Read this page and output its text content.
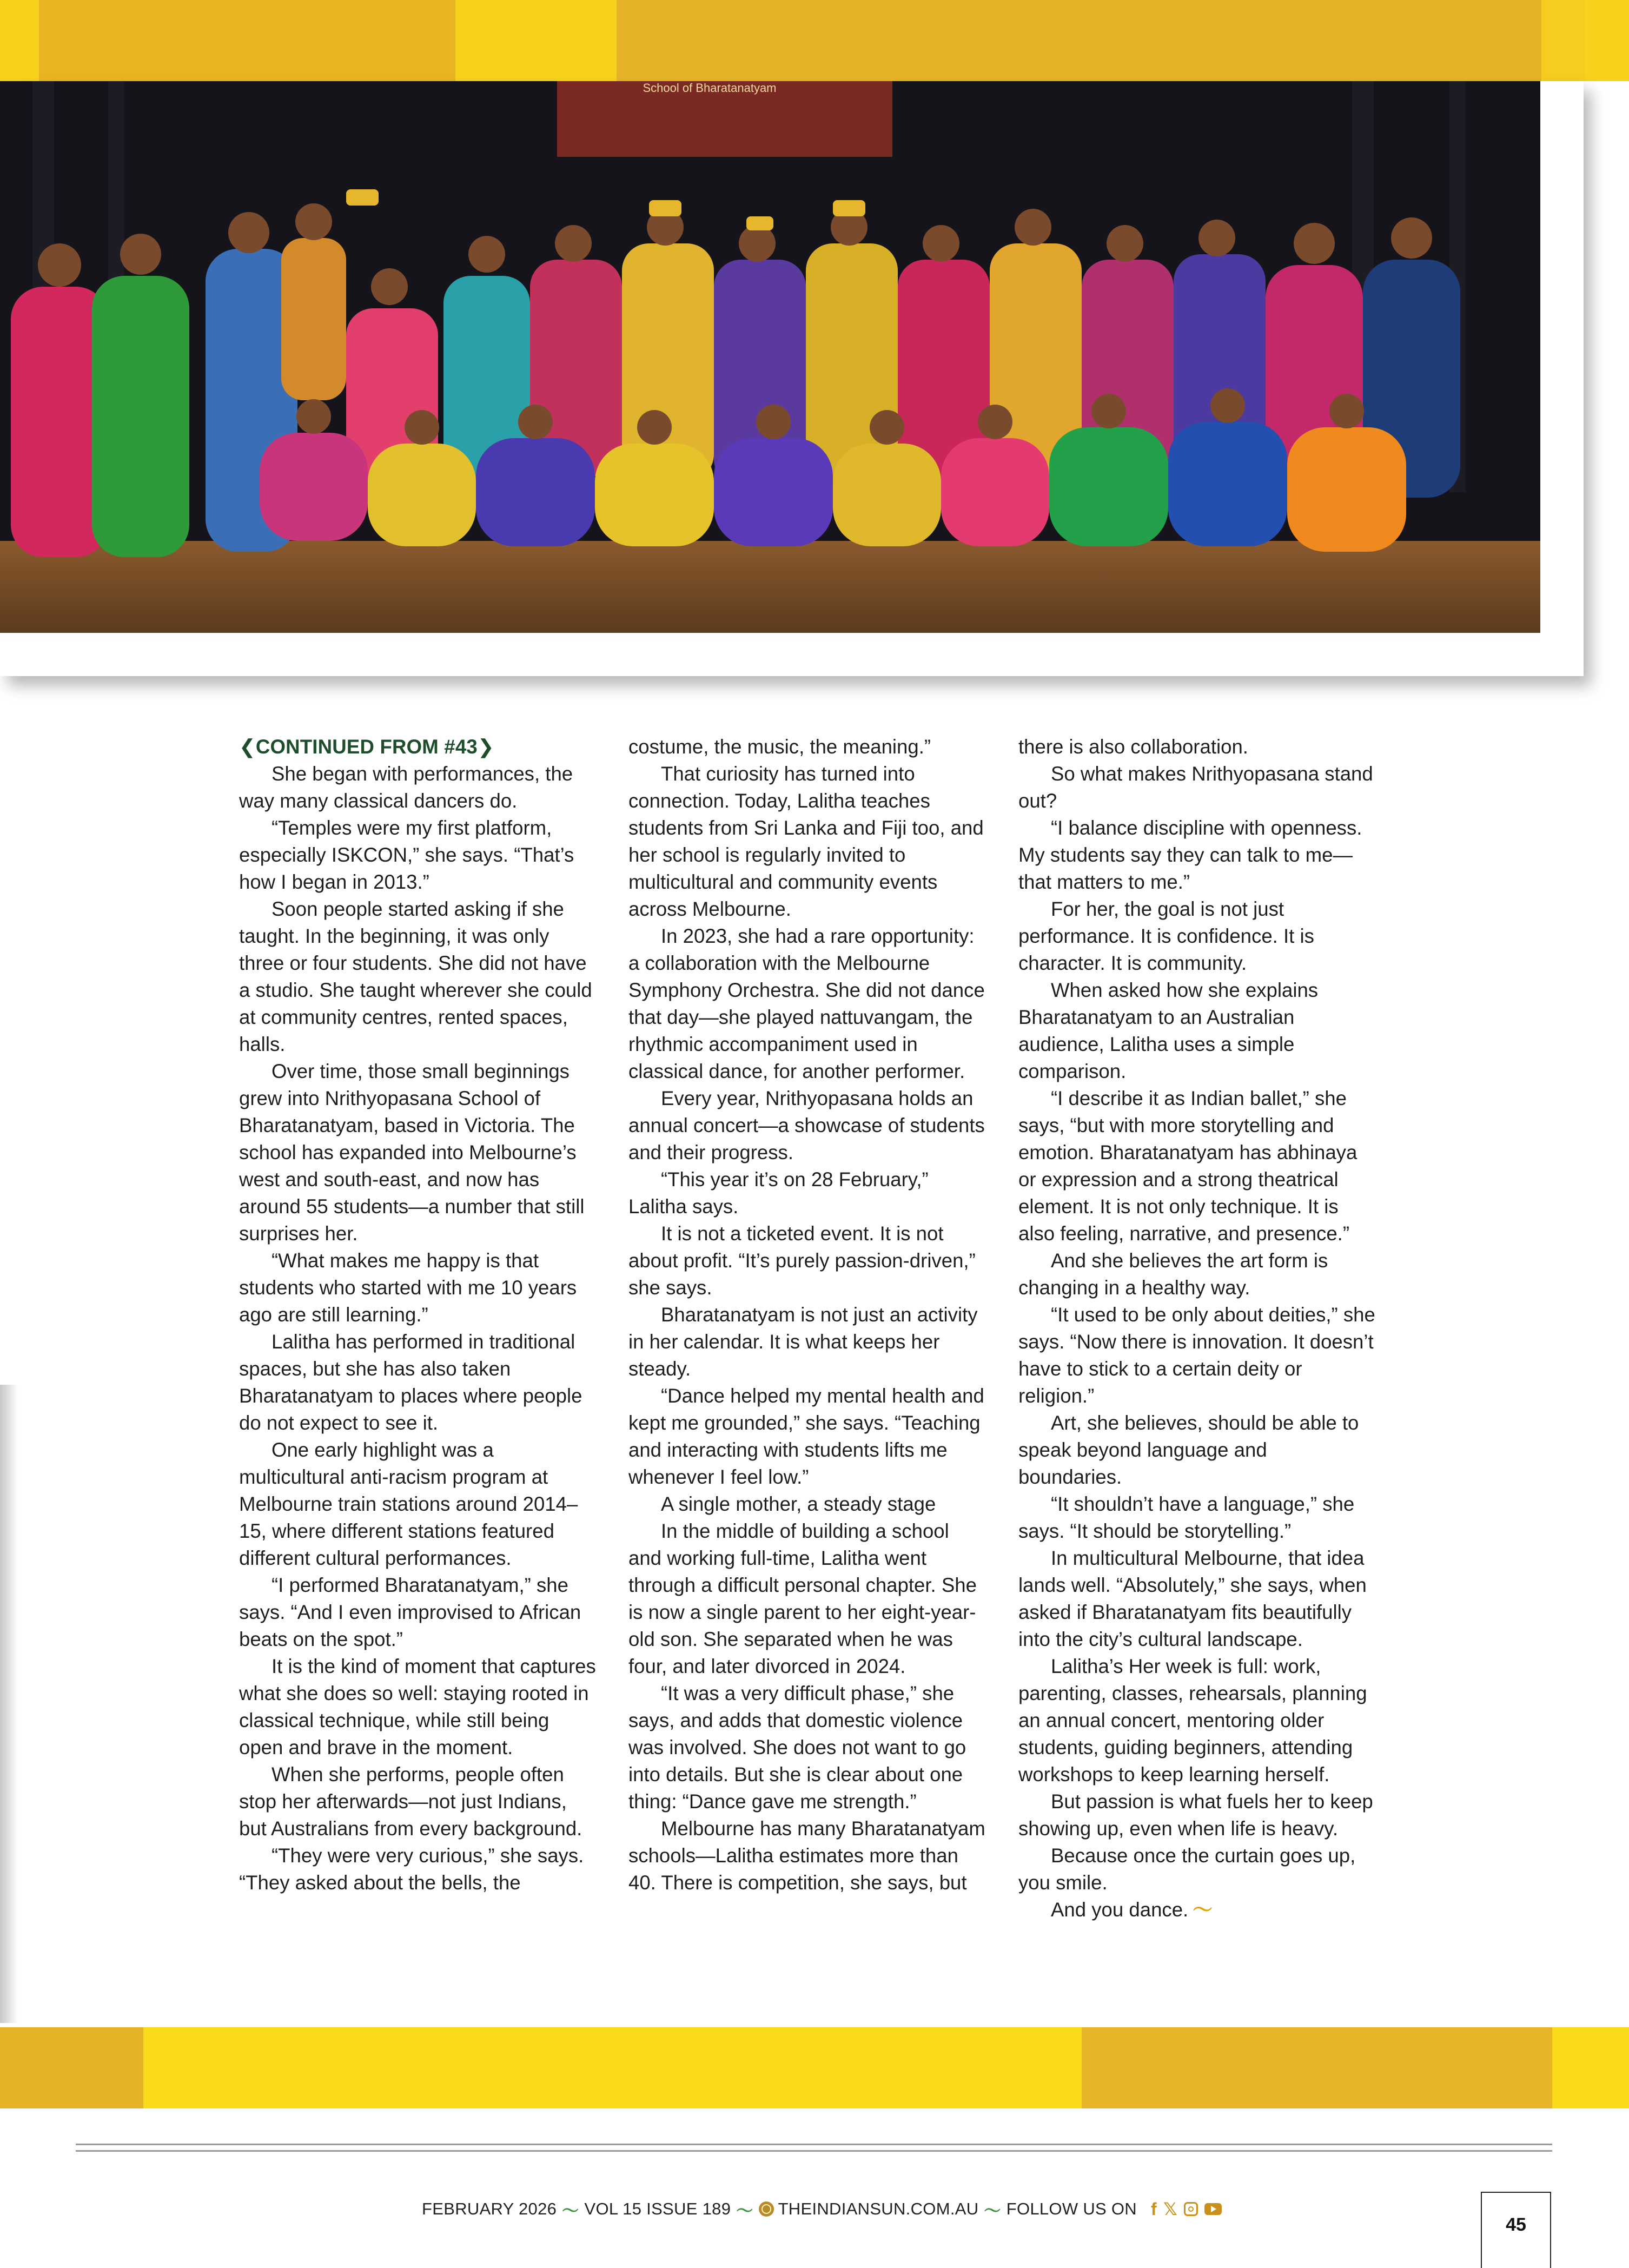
School of Bharatanatyam

❮CONTINUED FROM #43❯

She began with performances, the way many classical dancers do.

“Temples were my first platform, especially ISKCON,” she says. “That’s how I began in 2013.”

Soon people started asking if she taught. In the beginning, it was only three or four students. She did not have a studio. She taught wherever she could at community centres, rented spaces, halls.

Over time, those small beginnings grew into Nrithyopasana School of Bharatanatyam, based in Victoria. The school has expanded into Melbourne’s west and south-east, and now has around 55 students—a number that still surprises her.

“What makes me happy is that students who started with me 10 years ago are still learning.”

Lalitha has performed in traditional spaces, but she has also taken Bharatanatyam to places where people do not expect to see it.

One early highlight was a multicultural anti-racism program at Melbourne train stations around 2014–15, where different stations featured different cultural performances.

“I performed Bharatanatyam,” she says. “And I even improvised to African beats on the spot.”

It is the kind of moment that captures what she does so well: staying rooted in classical technique, while still being open and brave in the moment.

When she performs, people often stop her afterwards—not just Indians, but Australians from every background.

“They were very curious,” she says. “They asked about the bells, the

costume, the music, the meaning.”

That curiosity has turned into connection. Today, Lalitha teaches students from Sri Lanka and Fiji too, and her school is regularly invited to multicultural and community events across Melbourne.

In 2023, she had a rare opportunity: a collaboration with the Melbourne Symphony Orchestra. She did not dance that day—she played nattuvangam, the rhythmic accompaniment used in classical dance, for another performer.

Every year, Nrithyopasana holds an annual concert—a showcase of students and their progress.

“This year it’s on 28 February,” Lalitha says.

It is not a ticketed event. It is not about profit. “It’s purely passion-driven,” she says.

Bharatanatyam is not just an activity in her calendar. It is what keeps her steady.

“Dance helped my mental health and kept me grounded,” she says. “Teaching and interacting with students lifts me whenever I feel low.”

A single mother, a steady stage

In the middle of building a school and working full-time, Lalitha went through a difficult personal chapter. She is now a single parent to her eight-year-old son. She separated when he was four, and later divorced in 2024.

“It was a very difficult phase,” she says, and adds that domestic violence was involved. She does not want to go into details. But she is clear about one thing: “Dance gave me strength.”

Melbourne has many Bharatanatyam schools—Lalitha estimates more than 40. There is competition, she says, but

there is also collaboration.

So what makes Nrithyopasana stand out?

“I balance discipline with openness. My students say they can talk to me—that matters to me.”

For her, the goal is not just performance. It is confidence. It is character. It is community.

When asked how she explains Bharatanatyam to an Australian audience, Lalitha uses a simple comparison.

“I describe it as Indian ballet,” she says, “but with more storytelling and emotion. Bharatanatyam has abhinaya or expression and a strong theatrical element. It is not only technique. It is also feeling, narrative, and presence.”

And she believes the art form is changing in a healthy way.

“It used to be only about deities,” she says. “Now there is innovation. It doesn’t have to stick to a certain deity or religion.”

Art, she believes, should be able to speak beyond language and boundaries.

“It shouldn’t have a language,” she says. “It should be storytelling.”

In multicultural Melbourne, that idea lands well. “Absolutely,” she says, when asked if Bharatanatyam fits beautifully into the city’s cultural landscape.

Lalitha’s Her week is full: work, parenting, classes, rehearsals, planning an annual concert, mentoring older students, guiding beginners, attending workshops to keep learning herself.

But passion is what fuels her to keep showing up, even when life is heavy.

Because once the curtain goes up, you smile.

And you dance. 〜

FEBRUARY 2026 〜 VOL 15 ISSUE 189 〜 THEINDIANSUN.COM.AU 〜 FOLLOW US ON f 𝕏
45
